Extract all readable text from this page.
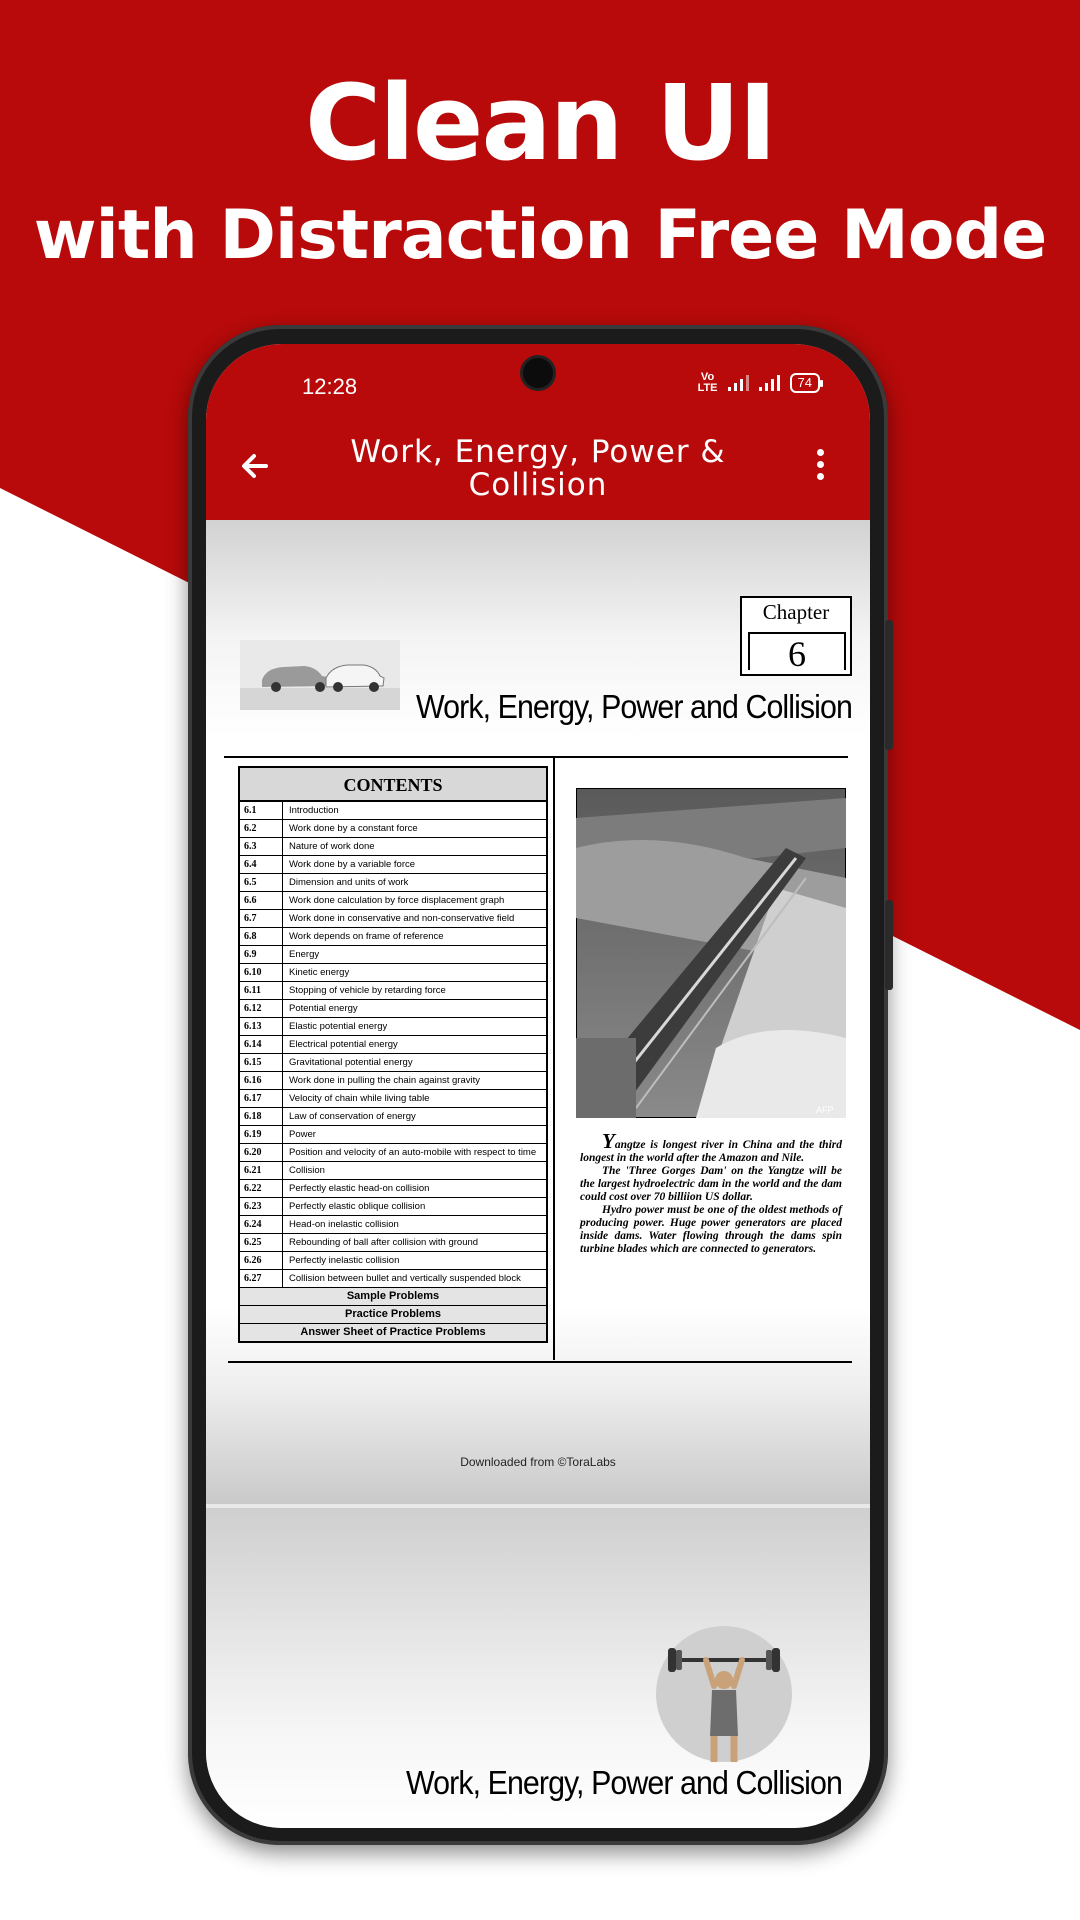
Clean UI
with Distraction Free Mode
12:28	Vo
LTE	74
Work, Energy, Power & Collision
Chapter
6
Work, Energy, Power and Collision
CONTENTS
6.1	Introduction
6.2	Work done by a constant force
6.3	Nature of work done
6.4	Work done by a variable force
6.5	Dimension and units of work
6.6	Work done calculation by force displacement graph
6.7	Work done in conservative and non-conservative field
6.8	Work depends on frame of reference
6.9	Energy
6.10	Kinetic energy
6.11	Stopping of vehicle by retarding force
6.12	Potential energy
6.13	Elastic potential energy
6.14	Electrical potential energy
6.15	Gravitational potential energy
6.16	Work done in pulling the chain against gravity
6.17	Velocity of chain while living table
6.18	Law of conservation of energy
6.19	Power
6.20	Position and velocity of an auto-mobile with respect to time
6.21	Collision
6.22	Perfectly elastic head-on collision
6.23	Perfectly elastic oblique collision
6.24	Head-on inelastic collision
6.25	Rebounding of ball after collision with ground
6.26	Perfectly inelastic collision
6.27	Collision between bullet and vertically suspended block
Sample Problems
Practice Problems
Answer Sheet of Practice Problems
AFP

Yangtze is longest river in China and the third longest in the world after the Amazon and Nile.

The 'Three Gorges Dam' on the Yangtze will be the largest hydroelectric dam in the world and the dam could cost over 70 billiion US dollar.

Hydro power must be one of the oldest methods of producing power. Huge power generators are placed inside dams. Water flowing through the dams spin turbine blades which are connected to generators.

Downloaded from ©ToraLabs
Work, Energy, Power and Collision
